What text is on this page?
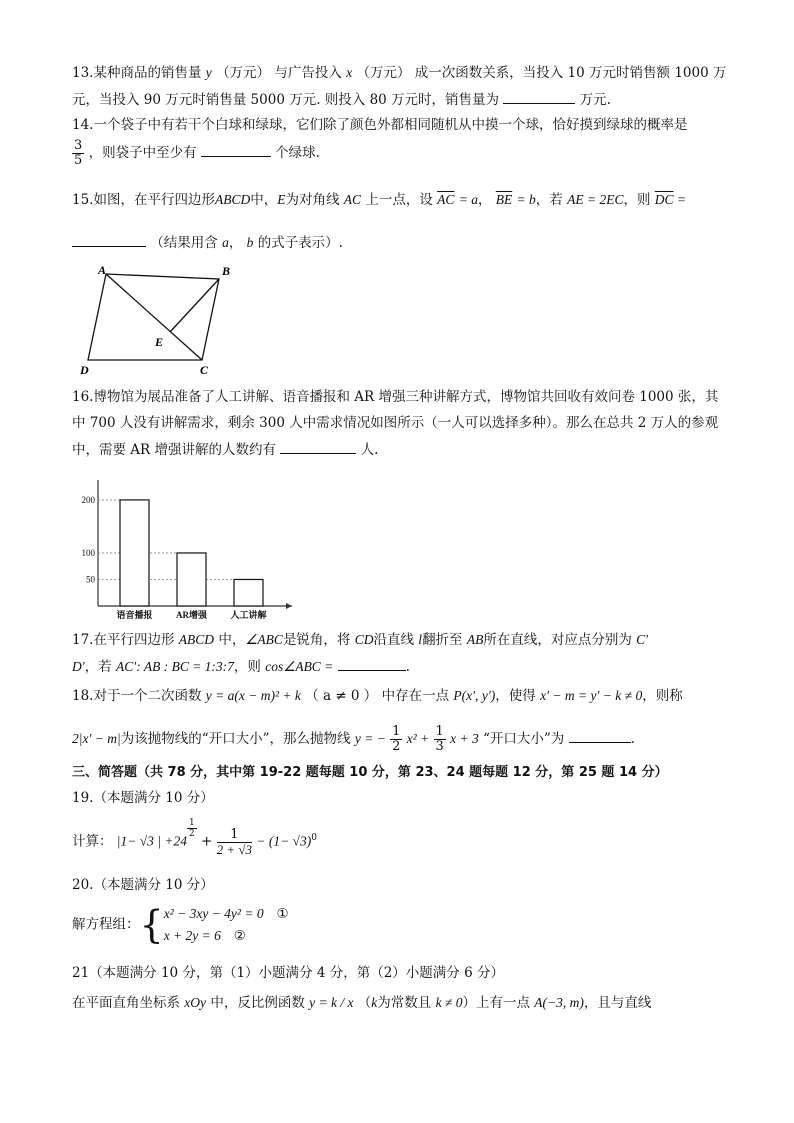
13.某种商品的销售量 y （万元） 与广告投入 x （万元） 成一次函数关系，当投入 10 万元时销售额 1000 万
元，当投入 90 万元时销售量 5000 万元. 则投入 80 万元时，销售量为	万元.
14.一个袋子中有若干个白球和绿球，它们除了颜色外都相同随机从中摸一个球，恰好摸到绿球的概率是
$\frac{3}{5}$ ，则袋子中至少有	个绿球.
15.如图，在平行四边形ABCD中，E为对角线 AC 上一点，设 $\overline{AC} = a$， $\overline{BE} = b$，若 AE = 2EC，则 $\overline{DC}$ =
（结果用含 a， b 的式子表示）.
A	B
C
D
E
16.博物馆为展品准备了人工讲解、语音播报和 AR 增强三种讲解方式，博物馆共回收有效问卷 1000 张，其
中 700 人没有讲解需求，剩余 300 人中需求情况如图所示（一人可以选择多种）。那么在总共 2 万人的参观
中，需要 AR 增强讲解的人数约有	人.
50
100
200
语音播报	AR增强	人工讲解
17.在平行四边形 ABCD 中，∠ABC是锐角，将 CD沿直线 l翻折至 AB所在直线，对应点分别为 C′
D′，若 AC′: AB : BC = 1:3:7，则 cos∠ABC =	.
18.对于一个二次函数 y = a(x − m)² + k （ a ≠ 0 ） 中存在一点 P(x′, y′)，使得 x′ − m = y′ − k ≠ 0，则称
2|x′ − m|为该抛物线的“开口大小”，那么抛物线 y = − $\frac{1}{2} x^2 + \frac{1}{3}$ x + 3 “开口大小”为	.
三、简答题（共 78 分，其中第 19-22 题每题 10 分，第 23、24 题每题 12 分，第 25 题 14 分）
19.（本题满分 10 分）
计算： |1− √3 | +24
$\frac{1}{2}$
+ $\frac{1}{2 + √3} - (1- √3)^0$
20.（本题满分 10 分）
解方程组：{ x² − 3xy − 4y² = 0 ①
x + 2y = 6 ②
21（本题满分 10 分，第（1）小题满分 4 分，第（2）小题满分 6 分）
在平面直角坐标系 xOy 中，反比例函数 y = k / x （k为常数且 k ≠ 0）上有一点 A(−3, m)，且与直线
